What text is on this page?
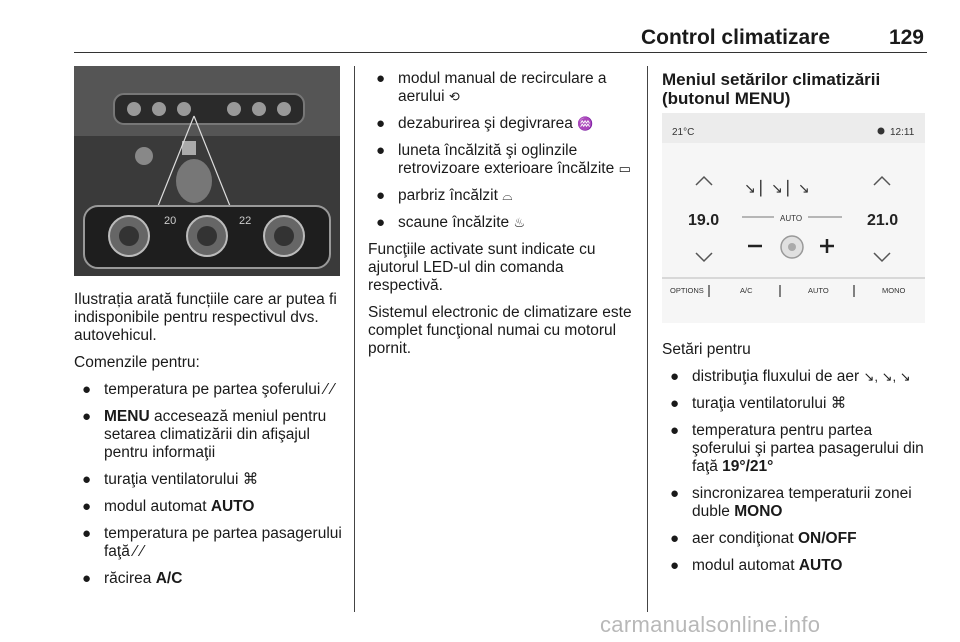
Control climatizare	129
20	22

Ilustrația arată funcțiile care ar putea fi indisponibile pentru respectivul dvs. autovehicul.

Comenzile pentru:

● temperatura pe partea şoferului ⁄ ⁄
● MENU accesează meniul pentru setarea climatizării din afişajul pentru informaţii
● turaţia ventilatorului ⌘
● modul automat AUTO
● temperatura pe partea pasagerului faţă ⁄ ⁄
● răcirea A/C
● modul manual de recirculare a aerului ⟲
● dezaburirea şi degivrarea ♒
● luneta încălzită şi oglinzile retrovizoare exterioare încălzite ▭
● parbriz încălzit ⌓
● scaune încălzite ♨

Funcţiile activate sunt indicate cu ajutorul LED-ul din comanda respectivă.

Sistemul electronic de climatizare este complet funcţional numai cu motorul pornit.

Meniul setărilor climatizării (butonul MENU)
21°C	12:11
19.0	21.0
↘ ▏↘ ▏↘
AUTO
OPTIONS	A/C	AUTO	MONO

Setări pentru

● distribuţia fluxului de aer ↘, ↘, ↘
● turaţia ventilatorului ⌘
● temperatura pentru partea şoferului şi partea pasagerului din faţă 19°/21°
● sincronizarea temperaturii zonei duble MONO
● aer condiţionat ON/OFF
● modul automat AUTO
carmanualsonline.info
